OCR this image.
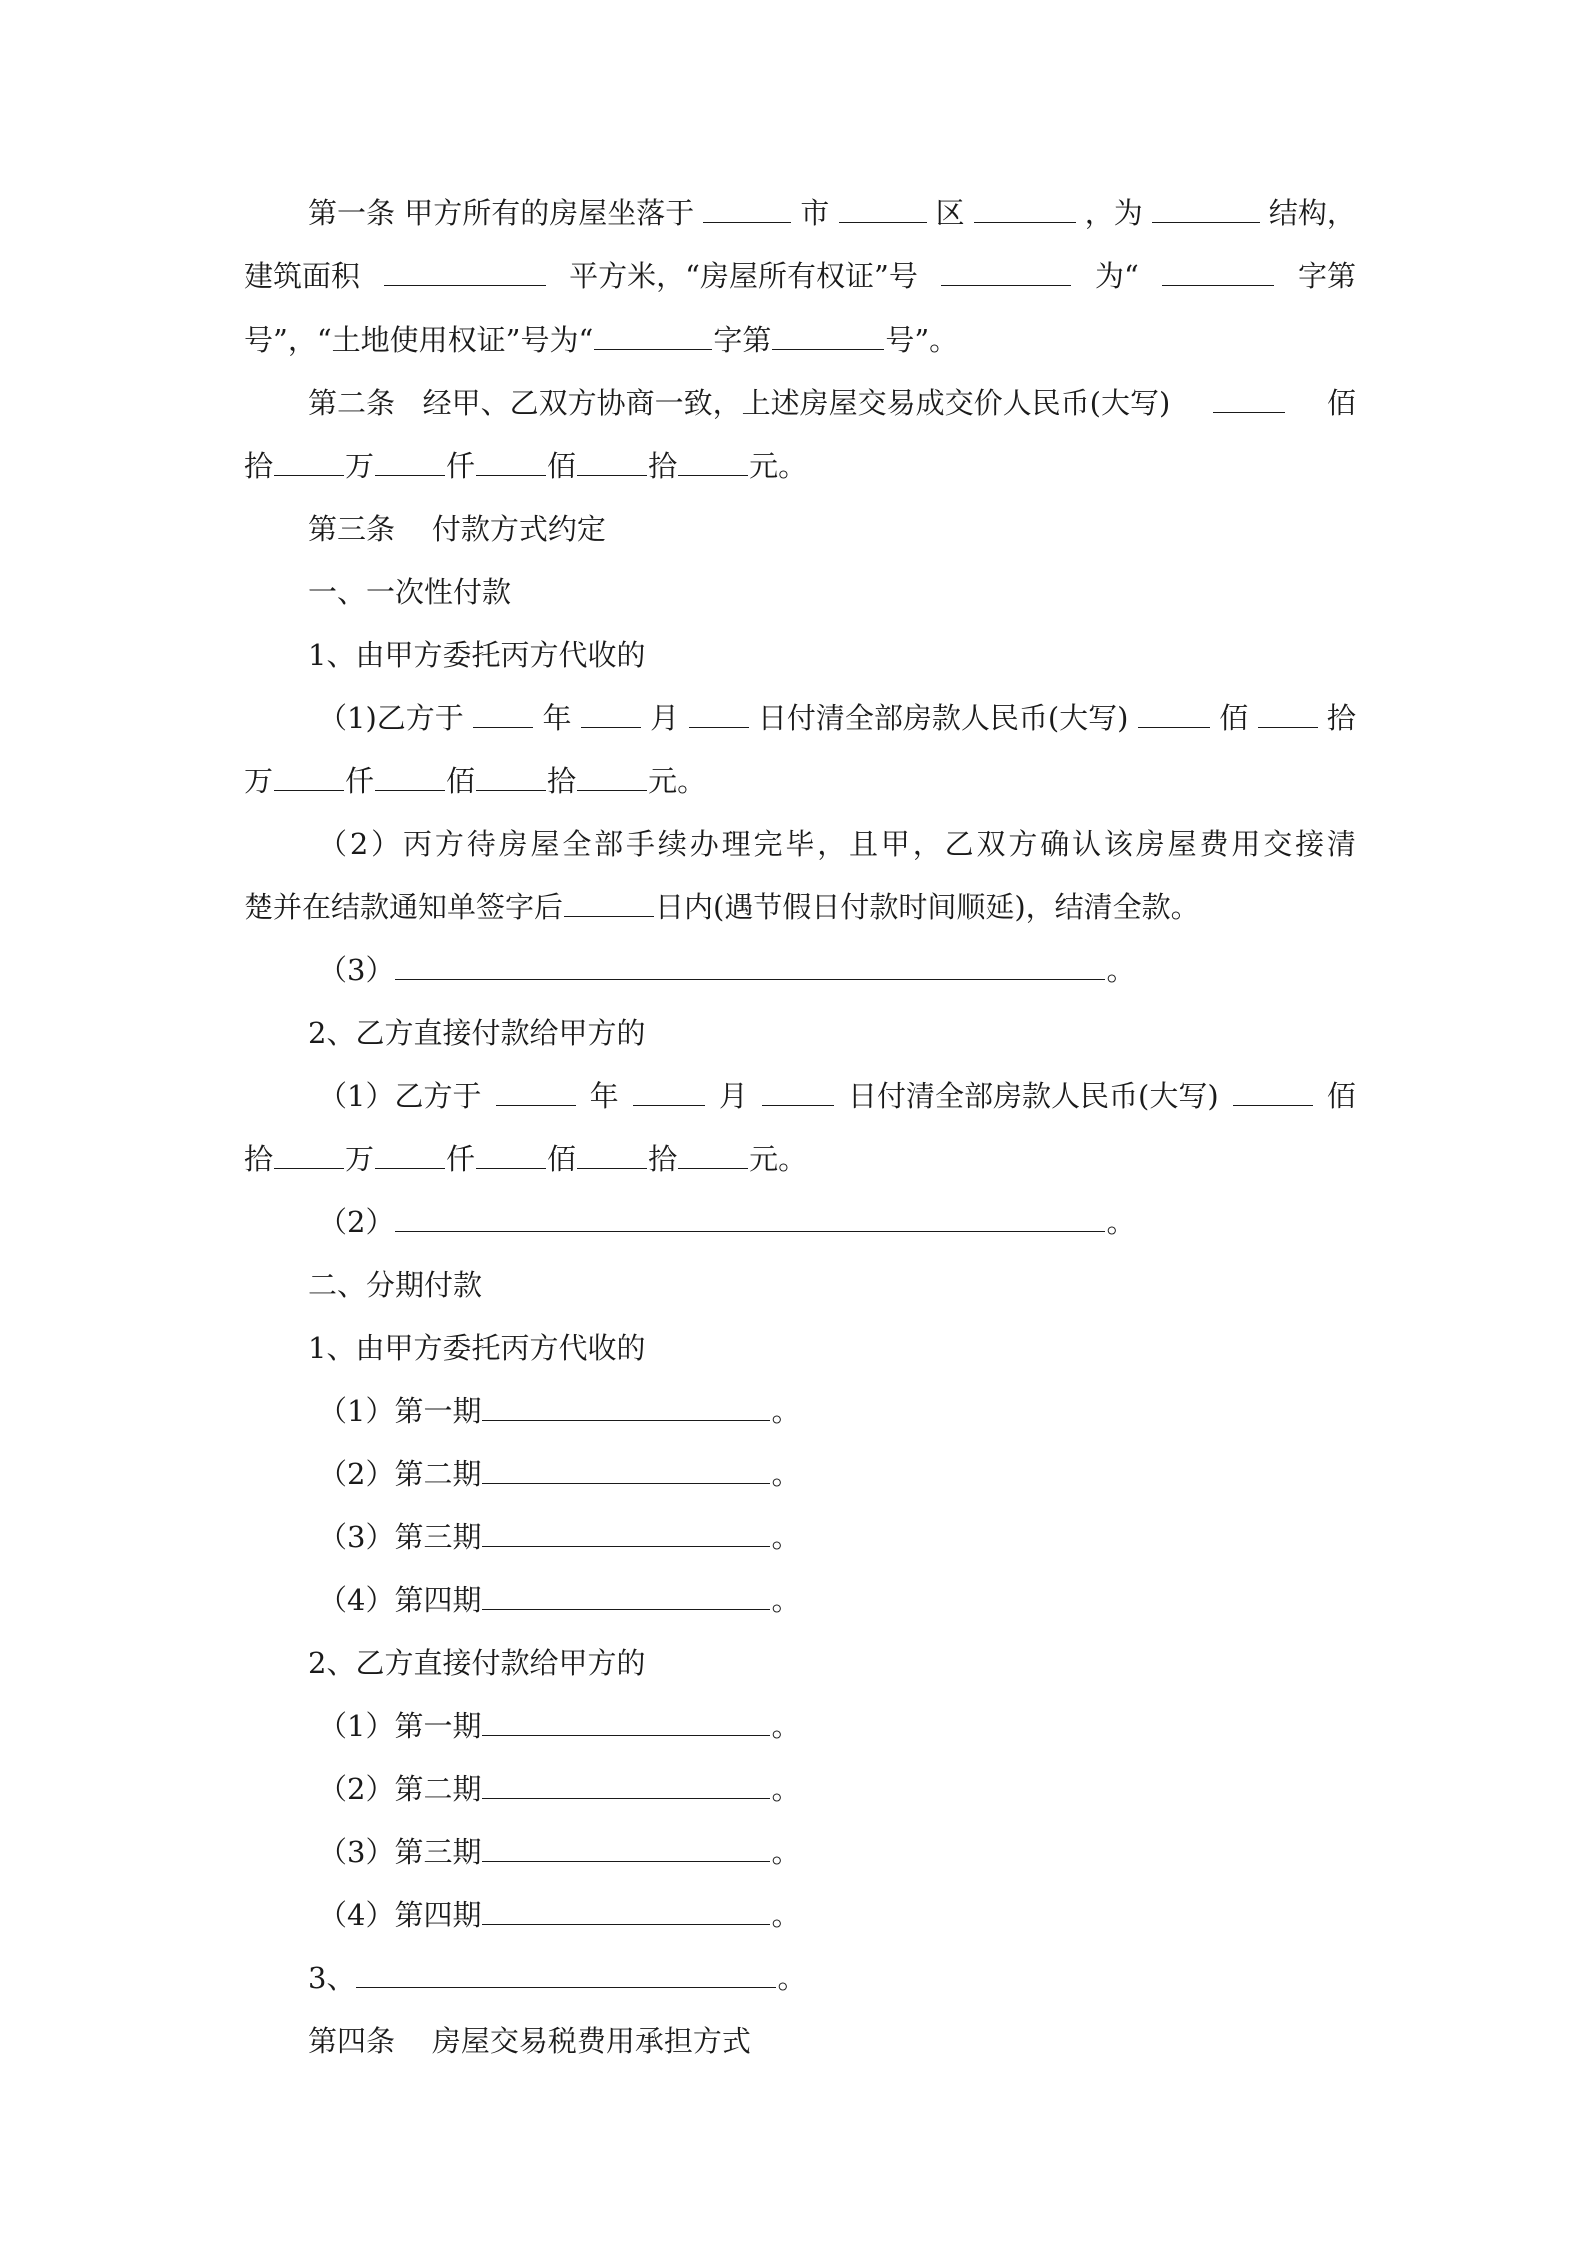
第一条
甲方所有的房屋坐落于	市	区	，为	结构，
建筑面积	平方米，“房屋所有权证”号	为“	字第
号”，“土地使用权证”号为“	字第	号”。
第二条
经甲、乙双方协商一致，上述房屋交易成交价人民币(大写)	佰
拾 万 仟 佰 拾 元。
第三条
付款方式约定
一、一次性付款
1、由甲方委托丙方代收的
（1)乙方于	年	月	日付清全部房款人民币(大写)	佰	拾
万 仟 佰 拾 元。
（ 2 ） 丙 方 待 房 屋 全 部 手 续 办 理 完 毕 ， 且 甲 ， 乙 双 方 确 认 该 房 屋 费 用 交 接 清
楚并在结款通知单签字后	日内(遇节假日付款时间顺延)，结清全款。
（3）	。
2、乙方直接付款给甲方的
（1）乙方于	年	月	日付清全部房款人民币(大写)	佰
拾 万 仟 佰 拾 元。
（2）	。
二、分期付款
1、由甲方委托丙方代收的
（1）第一期	。
（2）第二期	。
（3）第三期	。
（4）第四期	。
2、乙方直接付款给甲方的
（1）第一期	。
（2）第二期	。
（3）第三期	。
（4）第四期	。
3、	。
第四条
房屋交易税费用承担方式
